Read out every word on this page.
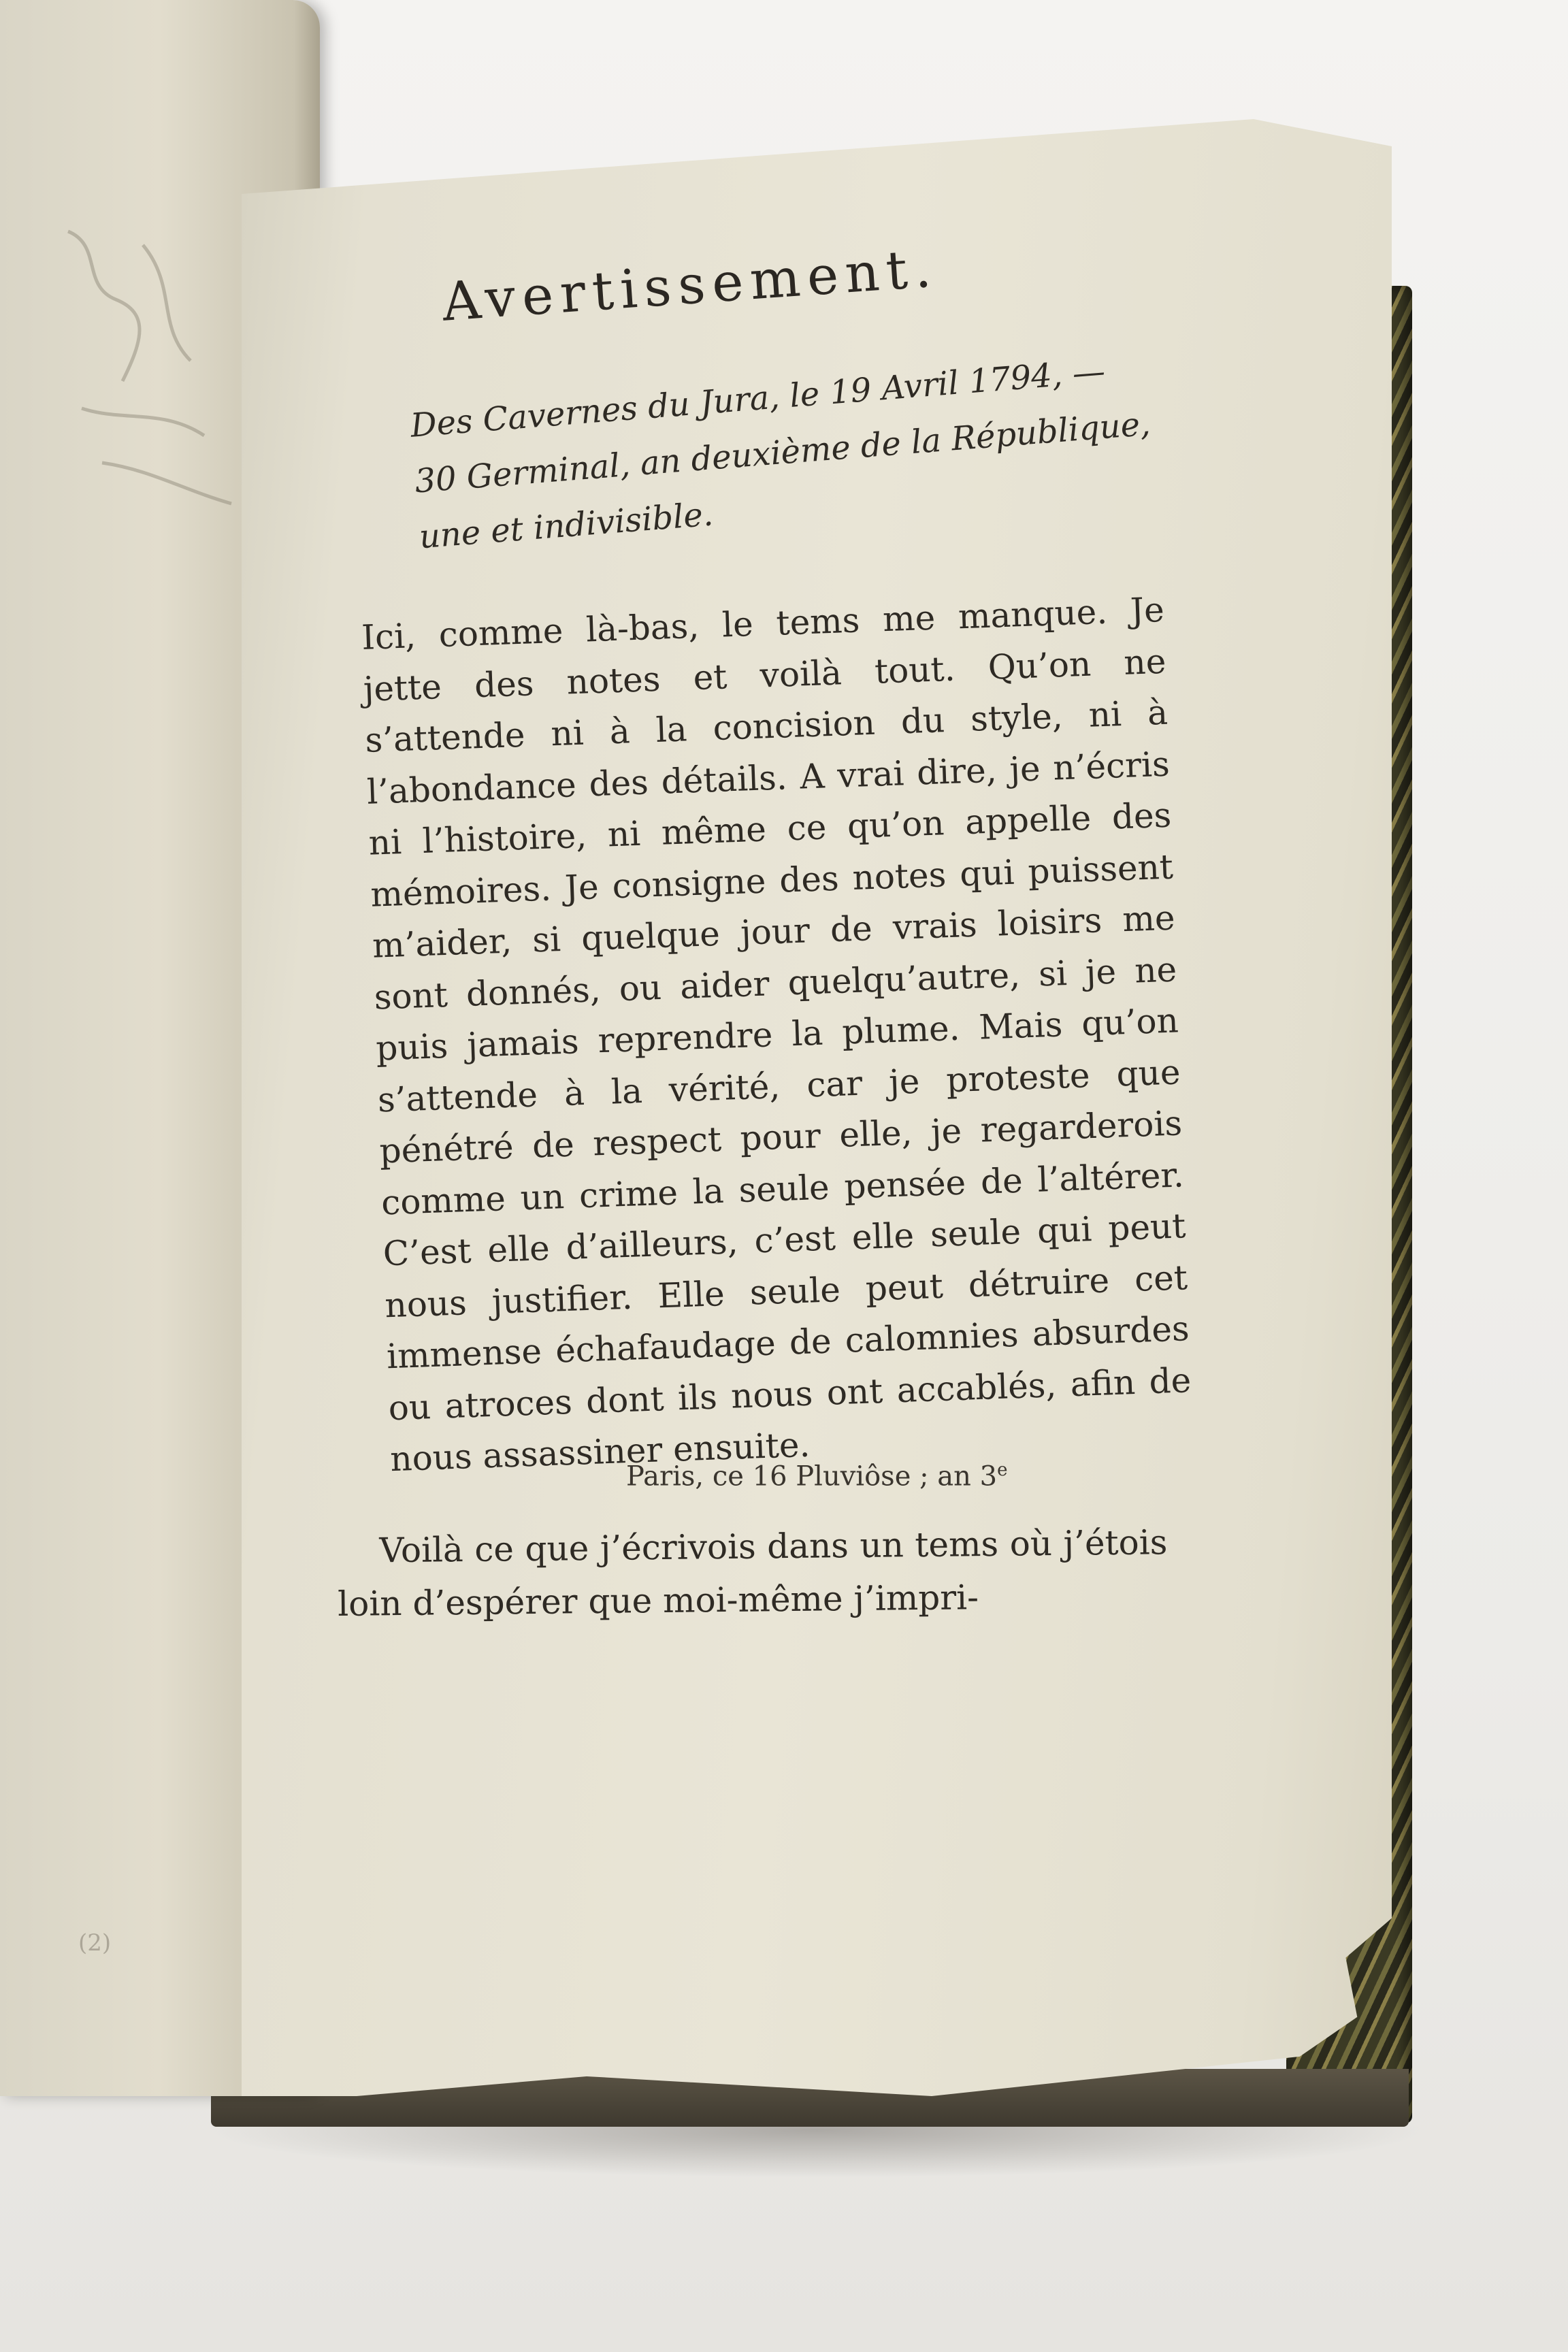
Avertissement.
Des Cavernes du Jura, le 19 Avril 1794, — 30 Germinal, an deuxième de la République, une et indivisible.

Ici, comme là-bas, le tems me manque. Je jette des notes et voilà tout. Qu’on ne s’attende ni à la concision du style, ni à l’abondance des détails. A vrai dire, je n’écris ni l’histoire, ni même ce qu’on appelle des mémoires. Je consigne des notes qui puissent m’aider, si quelque jour de vrais loisirs me sont donnés, ou aider quelqu’autre, si je ne puis jamais reprendre la plume. Mais qu’on s’attende à la vérité, car je proteste que pénétré de respect pour elle, je regarderois comme un crime la seule pensée de l’altérer. C’est elle d’ailleurs, c’est elle seule qui peut nous justifier. Elle seule peut détruire cet immense échafaudage de calomnies absurdes ou atroces dont ils nous ont accablés, afin de nous assassiner ensuite.

Paris, ce 16 Pluviôse ; an 3e
Voilà ce que j’écrivois dans un tems où j’étois loin d’espérer que moi-même j’impri-
(2)
